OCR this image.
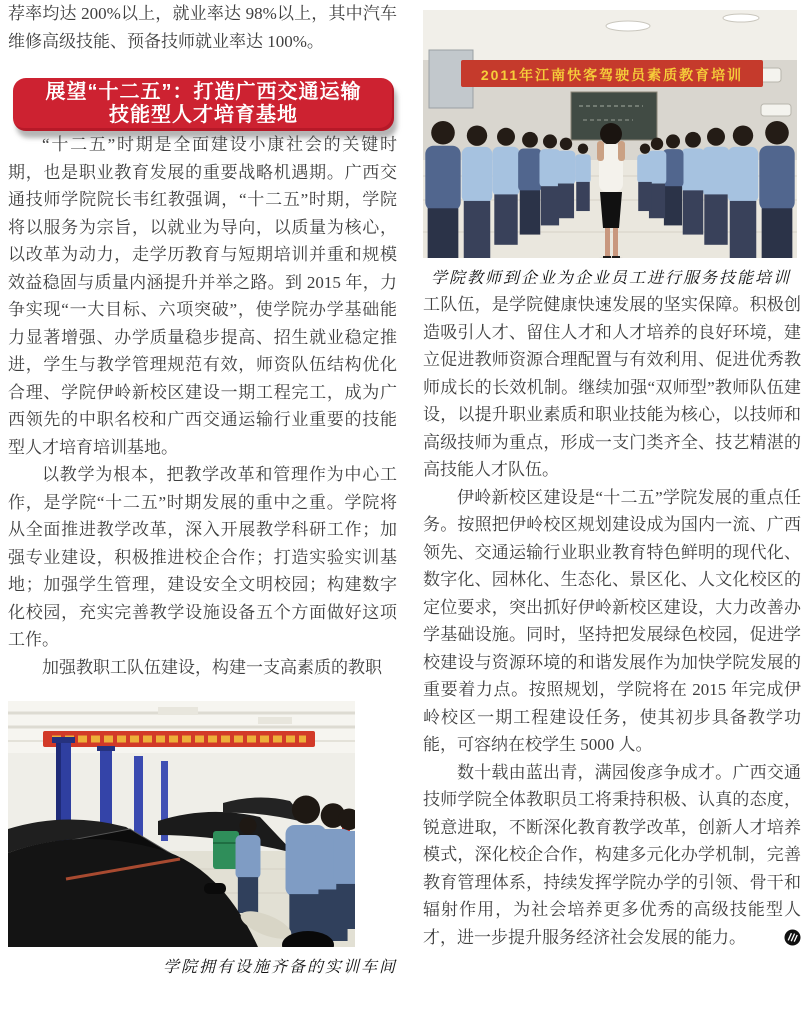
荐率均达 200%以上，就业率达 98%以上，其中汽车维修高级技能、预备技师就业率达 100%。

展望“十二五”：打造广西交通运输
技能型人才培育基地

“十二五”时期是全面建设小康社会的关键时期，也是职业教育发展的重要战略机遇期。广西交通技师学院院长韦红教强调，“十二五”时期，学院将以服务为宗旨，以就业为导向，以质量为核心，以改革为动力，走学历教育与短期培训并重和规模效益稳固与质量内涵提升并举之路。到 2015 年，力争实现“一大目标、六项突破”，使学院办学基础能力显著增强、办学质量稳步提高、招生就业稳定推进，学生与教学管理规范有效，师资队伍结构优化合理、学院伊岭新校区建设一期工程完工，成为广西领先的中职名校和广西交通运输行业重要的技能型人才培育培训基地。

以教学为根本，把教学改革和管理作为中心工作，是学院“十二五”时期发展的重中之重。学院将从全面推进教学改革，深入开展教学科研工作；加强专业建设，积极推进校企合作；打造实验实训基地；加强学生管理，建设安全文明校园；构建数字化校园，充实完善教学设施设备五个方面做好这项工作。

加强教职工队伍建设，构建一支高素质的教职

学院拥有设施齐备的实训车间
2011年江南快客驾驶员素质教育培训
学院教师到企业为企业员工进行服务技能培训

工队伍，是学院健康快速发展的坚实保障。积极创造吸引人才、留住人才和人才培养的良好环境，建立促进教师资源合理配置与有效利用、促进优秀教师成长的长效机制。继续加强“双师型”教师队伍建设，以提升职业素质和职业技能为核心，以技师和高级技师为重点，形成一支门类齐全、技艺精湛的高技能人才队伍。

伊岭新校区建设是“十二五”学院发展的重点任务。按照把伊岭校区规划建设成为国内一流、广西领先、交通运输行业职业教育特色鲜明的现代化、数字化、园林化、生态化、景区化、人文化校区的定位要求，突出抓好伊岭新校区建设，大力改善办学基础设施。同时，坚持把发展绿色校园，促进学校建设与资源环境的和谐发展作为加快学院发展的重要着力点。按照规划，学院将在 2015 年完成伊岭校区一期工程建设任务，使其初步具备教学功能，可容纳在校学生 5000 人。

数十载由蓝出青，满园俊彦争成才。广西交通技师学院全体教职员工将秉持积极、认真的态度，锐意进取，不断深化教育教学改革，创新人才培养模式，深化校企合作，构建多元化办学机制，完善教育管理体系，持续发挥学院办学的引领、骨干和辐射作用，为社会培养更多优秀的高级技能型人才，进一步提升服务经济社会发展的能力。
